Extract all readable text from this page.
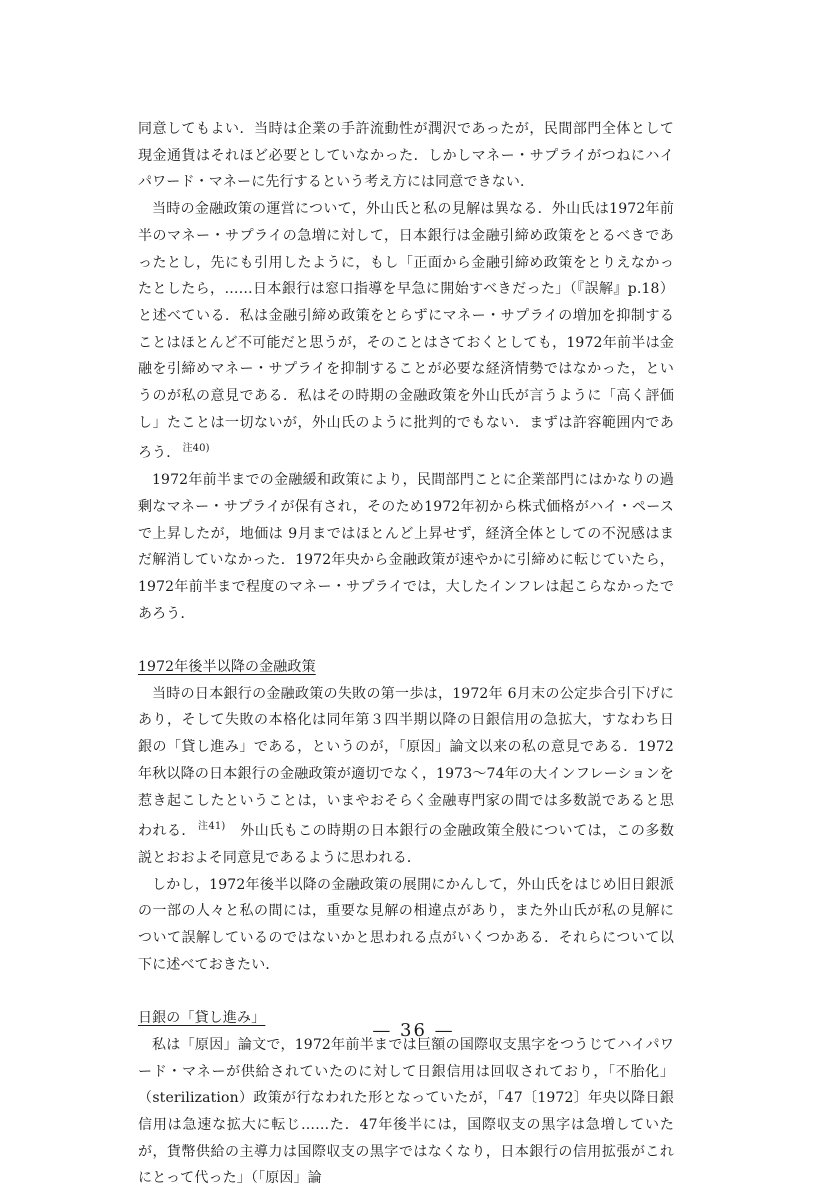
同意してもよい．当時は企業の手許流動性が潤沢であったが，民間部門全体として現金通貨はそれほど必要としていなかった．しかしマネー・サプライがつねにハイパワード・マネーに先行するという考え方には同意できない．

当時の金融政策の運営について，外山氏と私の見解は異なる．外山氏は1972年前半のマネー・サプライの急増に対して，日本銀行は金融引締め政策をとるべきであったとし，先にも引用したように，もし「正面から金融引締め政策をとりえなかったとしたら，……日本銀行は窓口指導を早急に開始すべきだった」（『誤解』p.18）と述べている．私は金融引締め政策をとらずにマネー・サプライの増加を抑制することはほとんど不可能だと思うが，そのことはさておくとしても，1972年前半は金融を引締めマネー・サプライを抑制することが必要な経済情勢ではなかった，というのが私の意見である．私はその時期の金融政策を外山氏が言うように「高く評価し」たことは一切ないが，外山氏のように批判的でもない．まずは許容範囲内であろう． $^{注40)}$

1972年前半までの金融緩和政策により，民間部門ことに企業部門にはかなりの過剰なマネー・サプライが保有され，そのため1972年初から株式価格がハイ・ペースで上昇したが，地価は 9月まではほとんど上昇せず，経済全体としての不況感はまだ解消していなかった．1972年央から金融政策が速やかに引締めに転じていたら，1972年前半まで程度のマネー・サプライでは，大したインフレは起こらなかったであろう．

1972年後半以降の金融政策

当時の日本銀行の金融政策の失敗の第一歩は，1972年 6月末の公定歩合引下げにあり，そして失敗の本格化は同年第３四半期以降の日銀信用の急拡大，すなわち日銀の「貸し進み」である，というのが，「原因」論文以来の私の意見である．1972年秋以降の日本銀行の金融政策が適切でなく，1973～74年の大インフレーションを惹き起こしたということは，いまやおそらく金融専門家の間では多数説であると思われる． $^{注41)}$　 外山氏もこの時期の日本銀行の金融政策全般については，この多数説とおおよそ同意見であるように思われる．

しかし，1972年後半以降の金融政策の展開にかんして，外山氏をはじめ旧日銀派の一部の人々と私の間には，重要な見解の相違点があり，また外山氏が私の見解について誤解しているのではないかと思われる点がいくつかある．それらについて以下に述べておきたい．

日銀の「貸し進み」

私は「原因」論文で，1972年前半までは巨額の国際収支黒字をつうじてハイパワード・マネーが供給されていたのに対して日銀信用は回収されており，「不胎化」（sterilization）政策が行なわれた形となっていたが，「47〔1972〕年央以降日銀信用は急速な拡大に転じ……た．47年後半には，国際収支の黒字は急増していたが，貨幣供給の主導力は国際収支の黒字ではなくなり，日本銀行の信用拡張がこれにとって代った」（「原因」論

— 36 —
